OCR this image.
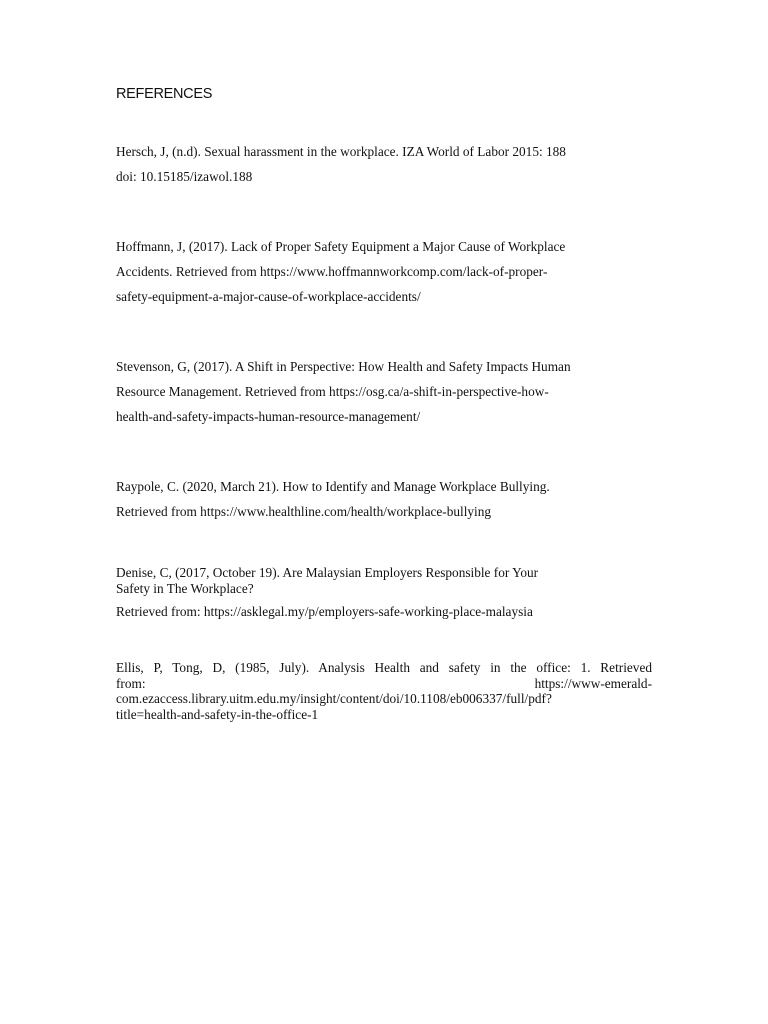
REFERENCES

Hersch, J, (n.d). Sexual harassment in the workplace. IZA World of Labor 2015: 188
doi: 10.15185/izawol.188

Hoffmann, J, (2017). Lack of Proper Safety Equipment a Major Cause of Workplace
Accidents. Retrieved from https://www.hoffmannworkcomp.com/lack-of-proper-
safety-equipment-a-major-cause-of-workplace-accidents/

Stevenson, G, (2017). A Shift in Perspective: How Health and Safety Impacts Human
Resource Management. Retrieved from https://osg.ca/a-shift-in-perspective-how-
health-and-safety-impacts-human-resource-management/

Raypole, C. (2020, March 21). How to Identify and Manage Workplace Bullying.
Retrieved from https://www.healthline.com/health/workplace-bullying

Denise, C, (2017, October 19). Are Malaysian Employers Responsible for Your
Safety in The Workplace?
Retrieved from: https://asklegal.my/p/employers-safe-working-place-malaysia
Ellis, P, Tong, D, (1985, July). Analysis Health and safety in the office: 1. Retrieved
from: https://www-emerald-
com.ezaccess.library.uitm.edu.my/insight/content/doi/10.1108/eb006337/full/pdf?
title=health-and-safety-in-the-office-1
